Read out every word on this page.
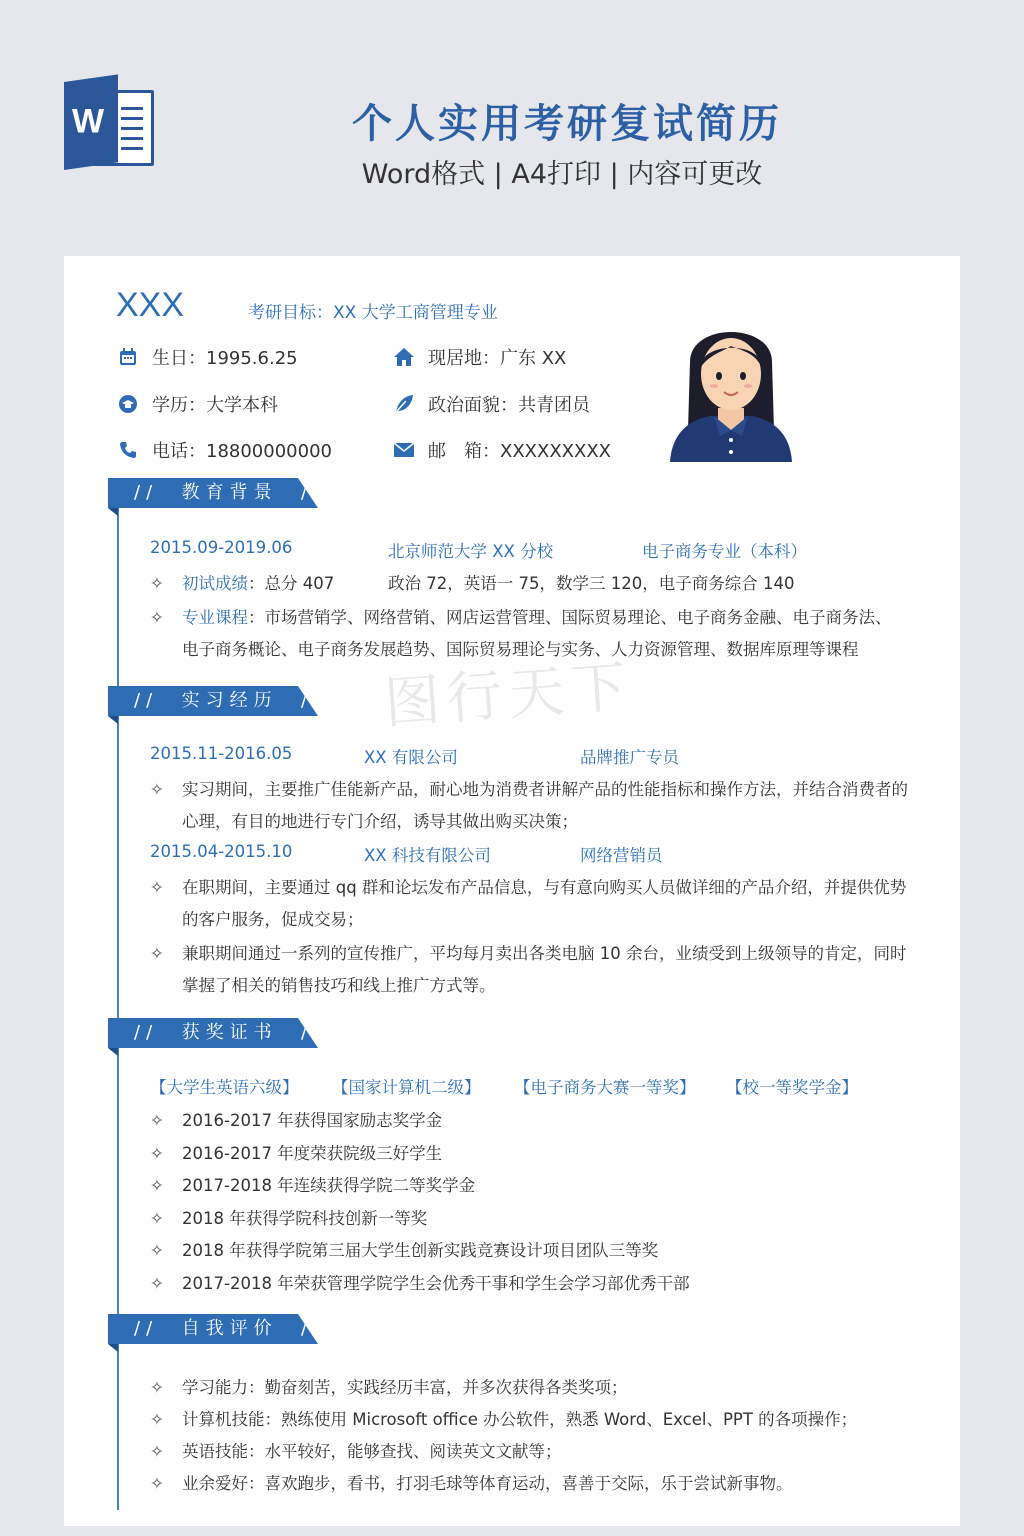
W	个人实用考研复试简历
Word格式 | A4打印 | 内容可更改
图行天下
XXX	考研目标：XX 大学工商管理专业
生日：1995.6.25	现居地：广东 XX
学历：大学本科	政治面貌：共青团员
电话：18800000000	邮　箱：XXXXXXXXX
//  教育背景  //
2015.09-2019.06	北京师范大学 XX 分校	电子商务专业（本科）
✧ 初试成绩：总分 407	政治 72，英语一 75，数学三 120，电子商务综合 140
✧ 专业课程：市场营销学、网络营销、网店运营管理、国际贸易理论、电子商务金融、电子商务法、
电子商务概论、电子商务发展趋势、国际贸易理论与实务、人力资源管理、数据库原理等课程
//  实习经历  //
2015.11-2016.05	XX 有限公司	品牌推广专员
✧ 实习期间，主要推广佳能新产品，耐心地为消费者讲解产品的性能指标和操作方法，并结合消费者的
心理，有目的地进行专门介绍，诱导其做出购买决策；
2015.04-2015.10	XX 科技有限公司	网络营销员
✧ 在职期间，主要通过 qq 群和论坛发布产品信息，与有意向购买人员做详细的产品介绍，并提供优势
的客户服务，促成交易；
✧ 兼职期间通过一系列的宣传推广，平均每月卖出各类电脑 10 余台，业绩受到上级领导的肯定，同时
掌握了相关的销售技巧和线上推广方式等。
//  获奖证书  //
【大学生英语六级】 【国家计算机二级】 【电子商务大赛一等奖】 【校一等奖学金】
✧ 2016-2017 年获得国家励志奖学金
✧ 2016-2017 年度荣获院级三好学生
✧ 2017-2018 年连续获得学院二等奖学金
✧ 2018 年获得学院科技创新一等奖
✧ 2018 年获得学院第三届大学生创新实践竞赛设计项目团队三等奖
✧ 2017-2018 年荣获管理学院学生会优秀干事和学生会学习部优秀干部
//  自我评价  //
✧ 学习能力：勤奋刻苦，实践经历丰富，并多次获得各类奖项；
✧ 计算机技能：熟练使用 Microsoft office 办公软件，熟悉 Word、Excel、PPT 的各项操作；
✧ 英语技能：水平较好，能够查找、阅读英文文献等；
✧ 业余爱好：喜欢跑步，看书，打羽毛球等体育运动，喜善于交际，乐于尝试新事物。
